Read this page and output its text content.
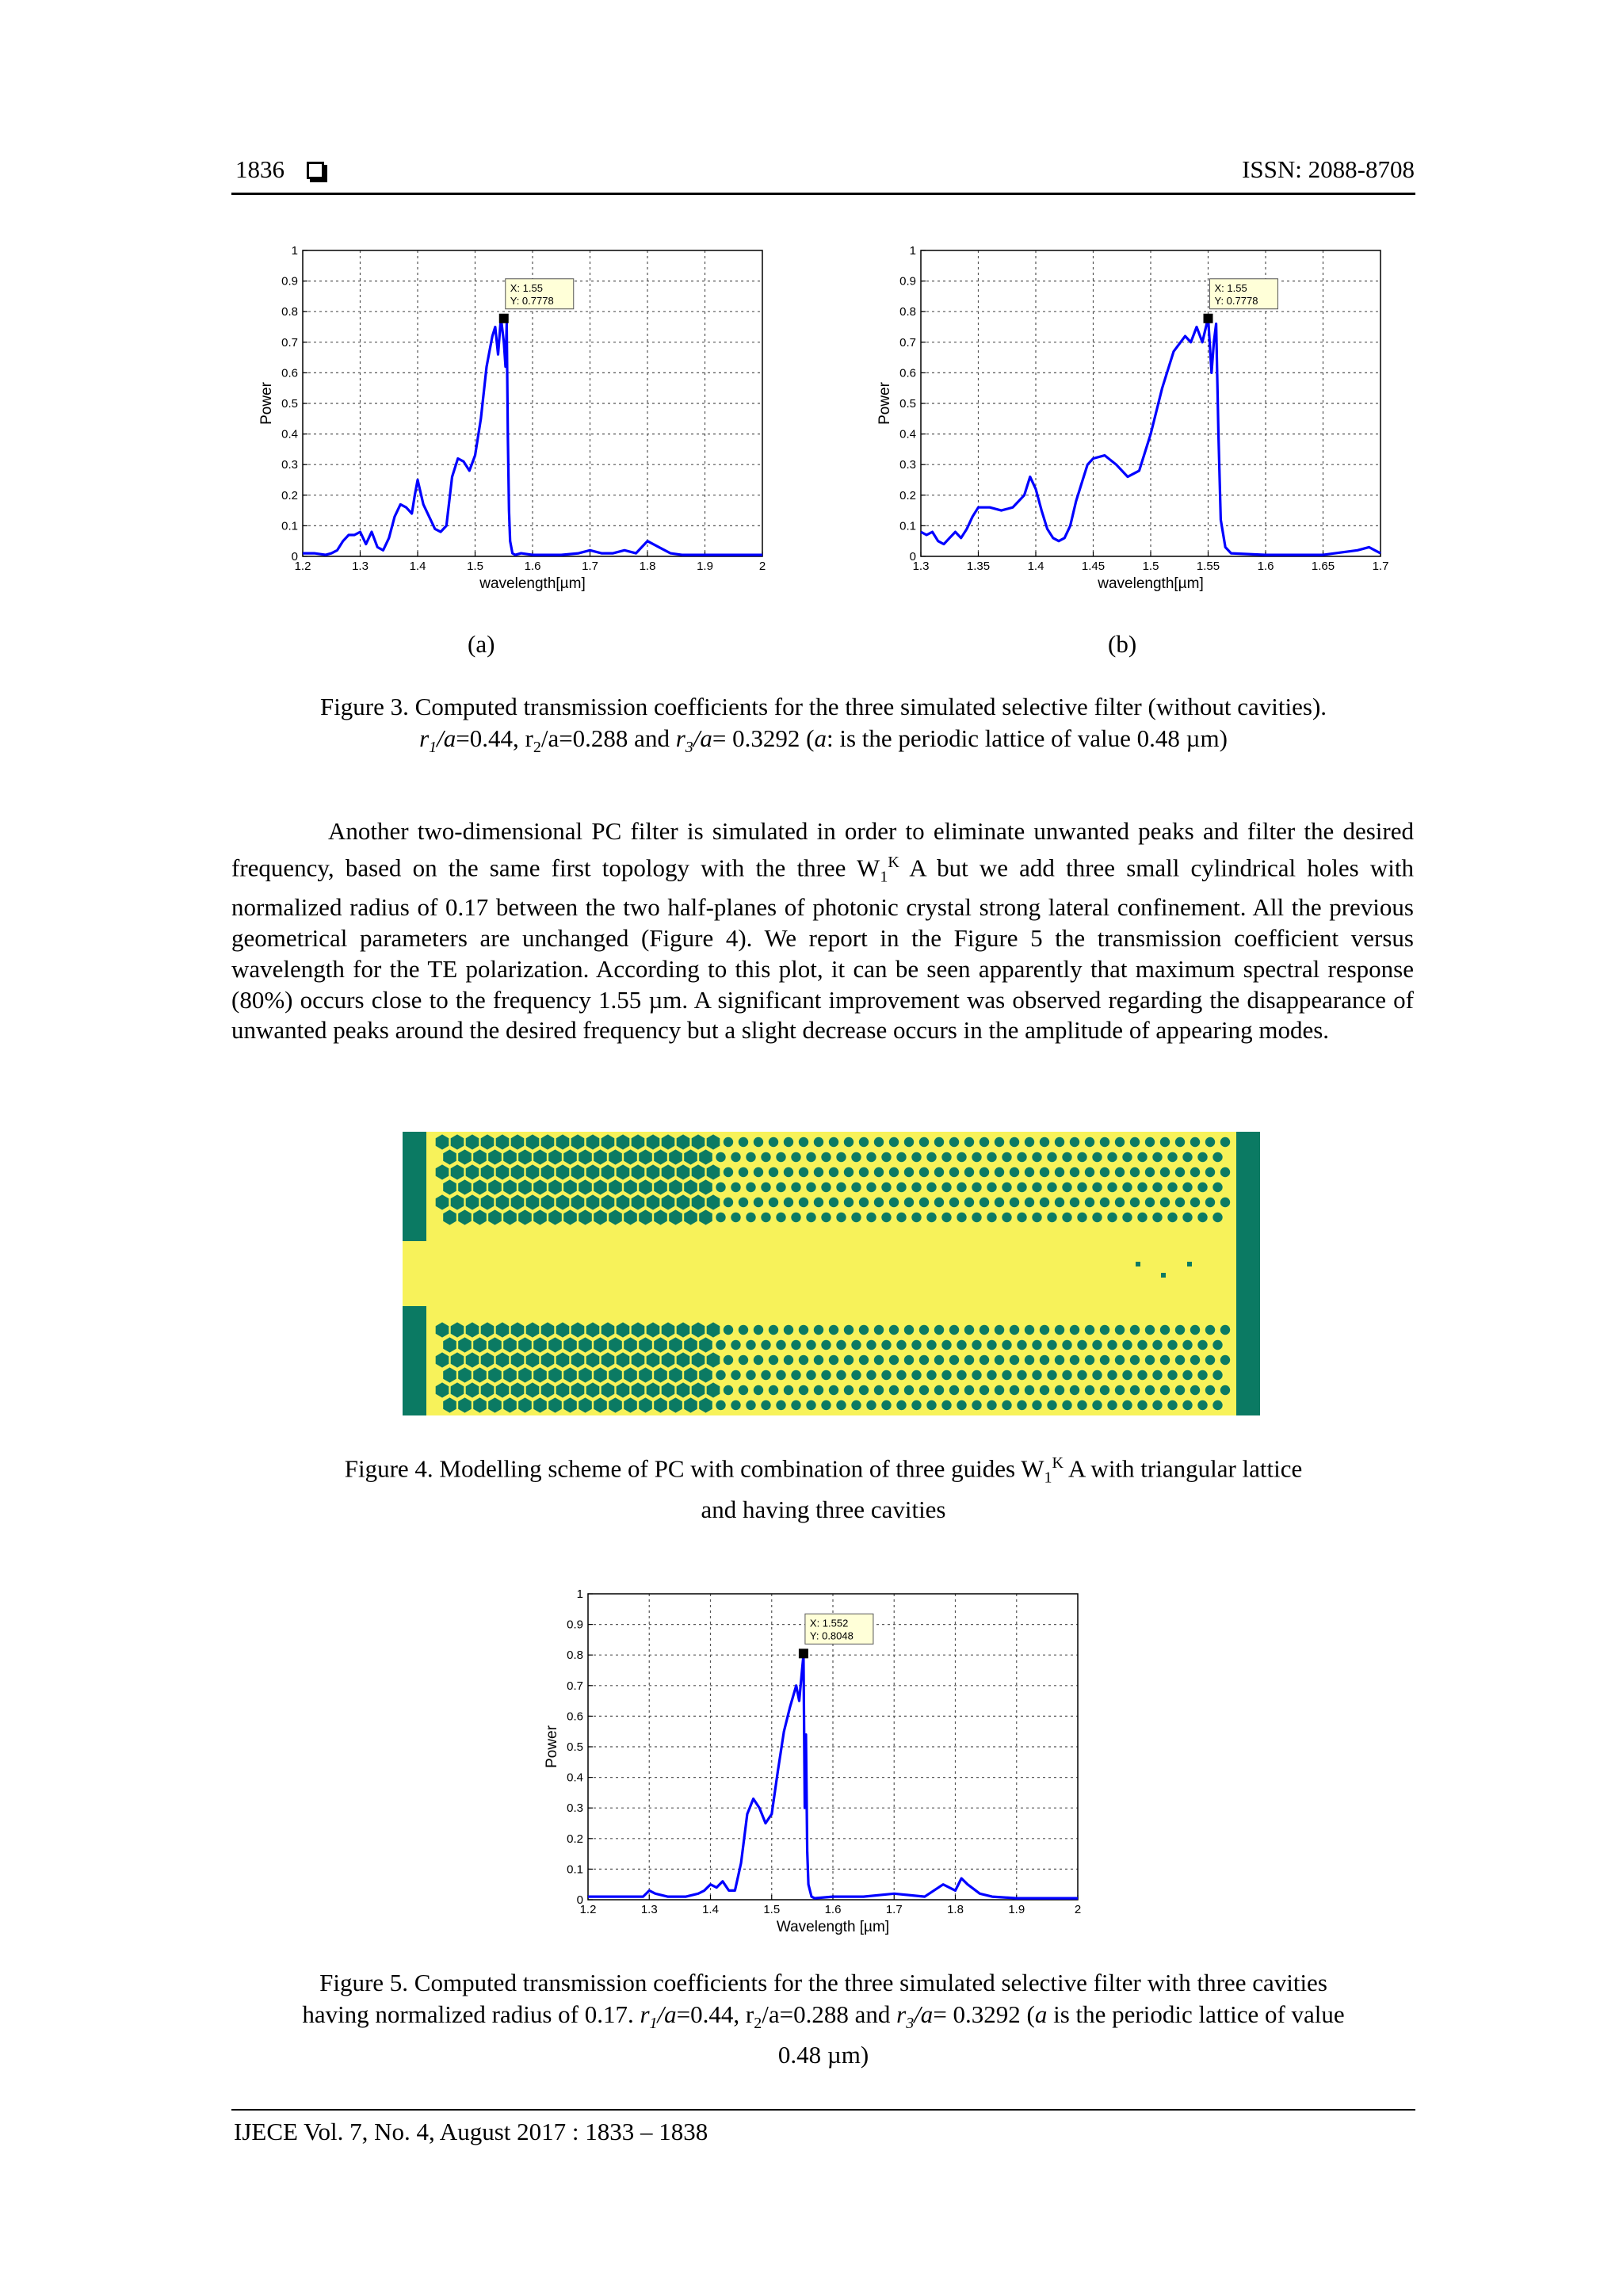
1836	ISSN: 2088-8708
1.2	1.3	1.4	1.5	1.6	1.7	1.8	1.9	2
0
0.1
0.2
0.3
0.4
0.5
0.6
0.7
0.8
0.9
1
wavelength[µm]
Power
X: 1.55
Y: 0.7778
1.3	1.35	1.4	1.45	1.5	1.55	1.6	1.65	1.7
0
0.1
0.2
0.3
0.4
0.5
0.6
0.7
0.8
0.9
1
wavelength[µm]
Power
X: 1.55
Y: 0.7778
(a)	(b)
Figure 3. Computed transmission coefficients for the three simulated selective filter (without cavities).
$r_1/a=0.44$, $r_2/a=0.288$ and $r_3/a= 0.3292$ (a: is the periodic lattice of value 0.48 µm)

Another two-dimensional PC filter is simulated in order to eliminate unwanted peaks and filter the desired frequency, based on the same first topology with the three $W_1^K$ A but we add three small cylindrical holes with normalized radius of 0.17 between the two half-planes of photonic crystal strong lateral confinement. All the previous geometrical parameters are unchanged (Figure 4). We report in the Figure 5 the transmission coefficient versus wavelength for the TE polarization. According to this plot, it can be seen apparently that maximum spectral response (80%) occurs close to the frequency 1.55 µm. A significant improvement was observed regarding the disappearance of unwanted peaks around the desired frequency but a slight decrease occurs in the amplitude of appearing modes.

Figure 4. Modelling scheme of PC with combination of three guides $W_1^K$ A with triangular lattice
and having three cavities
1.2	1.3	1.4	1.5	1.6	1.7	1.8	1.9	2
0
0.1
0.2
0.3
0.4
0.5
0.6
0.7
0.8
0.9
1
Wavelength [µm]
Power
X: 1.552
Y: 0.8048
Figure 5. Computed transmission coefficients for the three simulated selective filter with three cavities
having normalized radius of 0.17. $r_1/a=0.44$, $r_2/a=0.288$ and $r_3/a= 0.3292$ (a is the periodic lattice of value
0.48 µm)
IJECE Vol. 7, No. 4, August 2017 : 1833 – 1838
